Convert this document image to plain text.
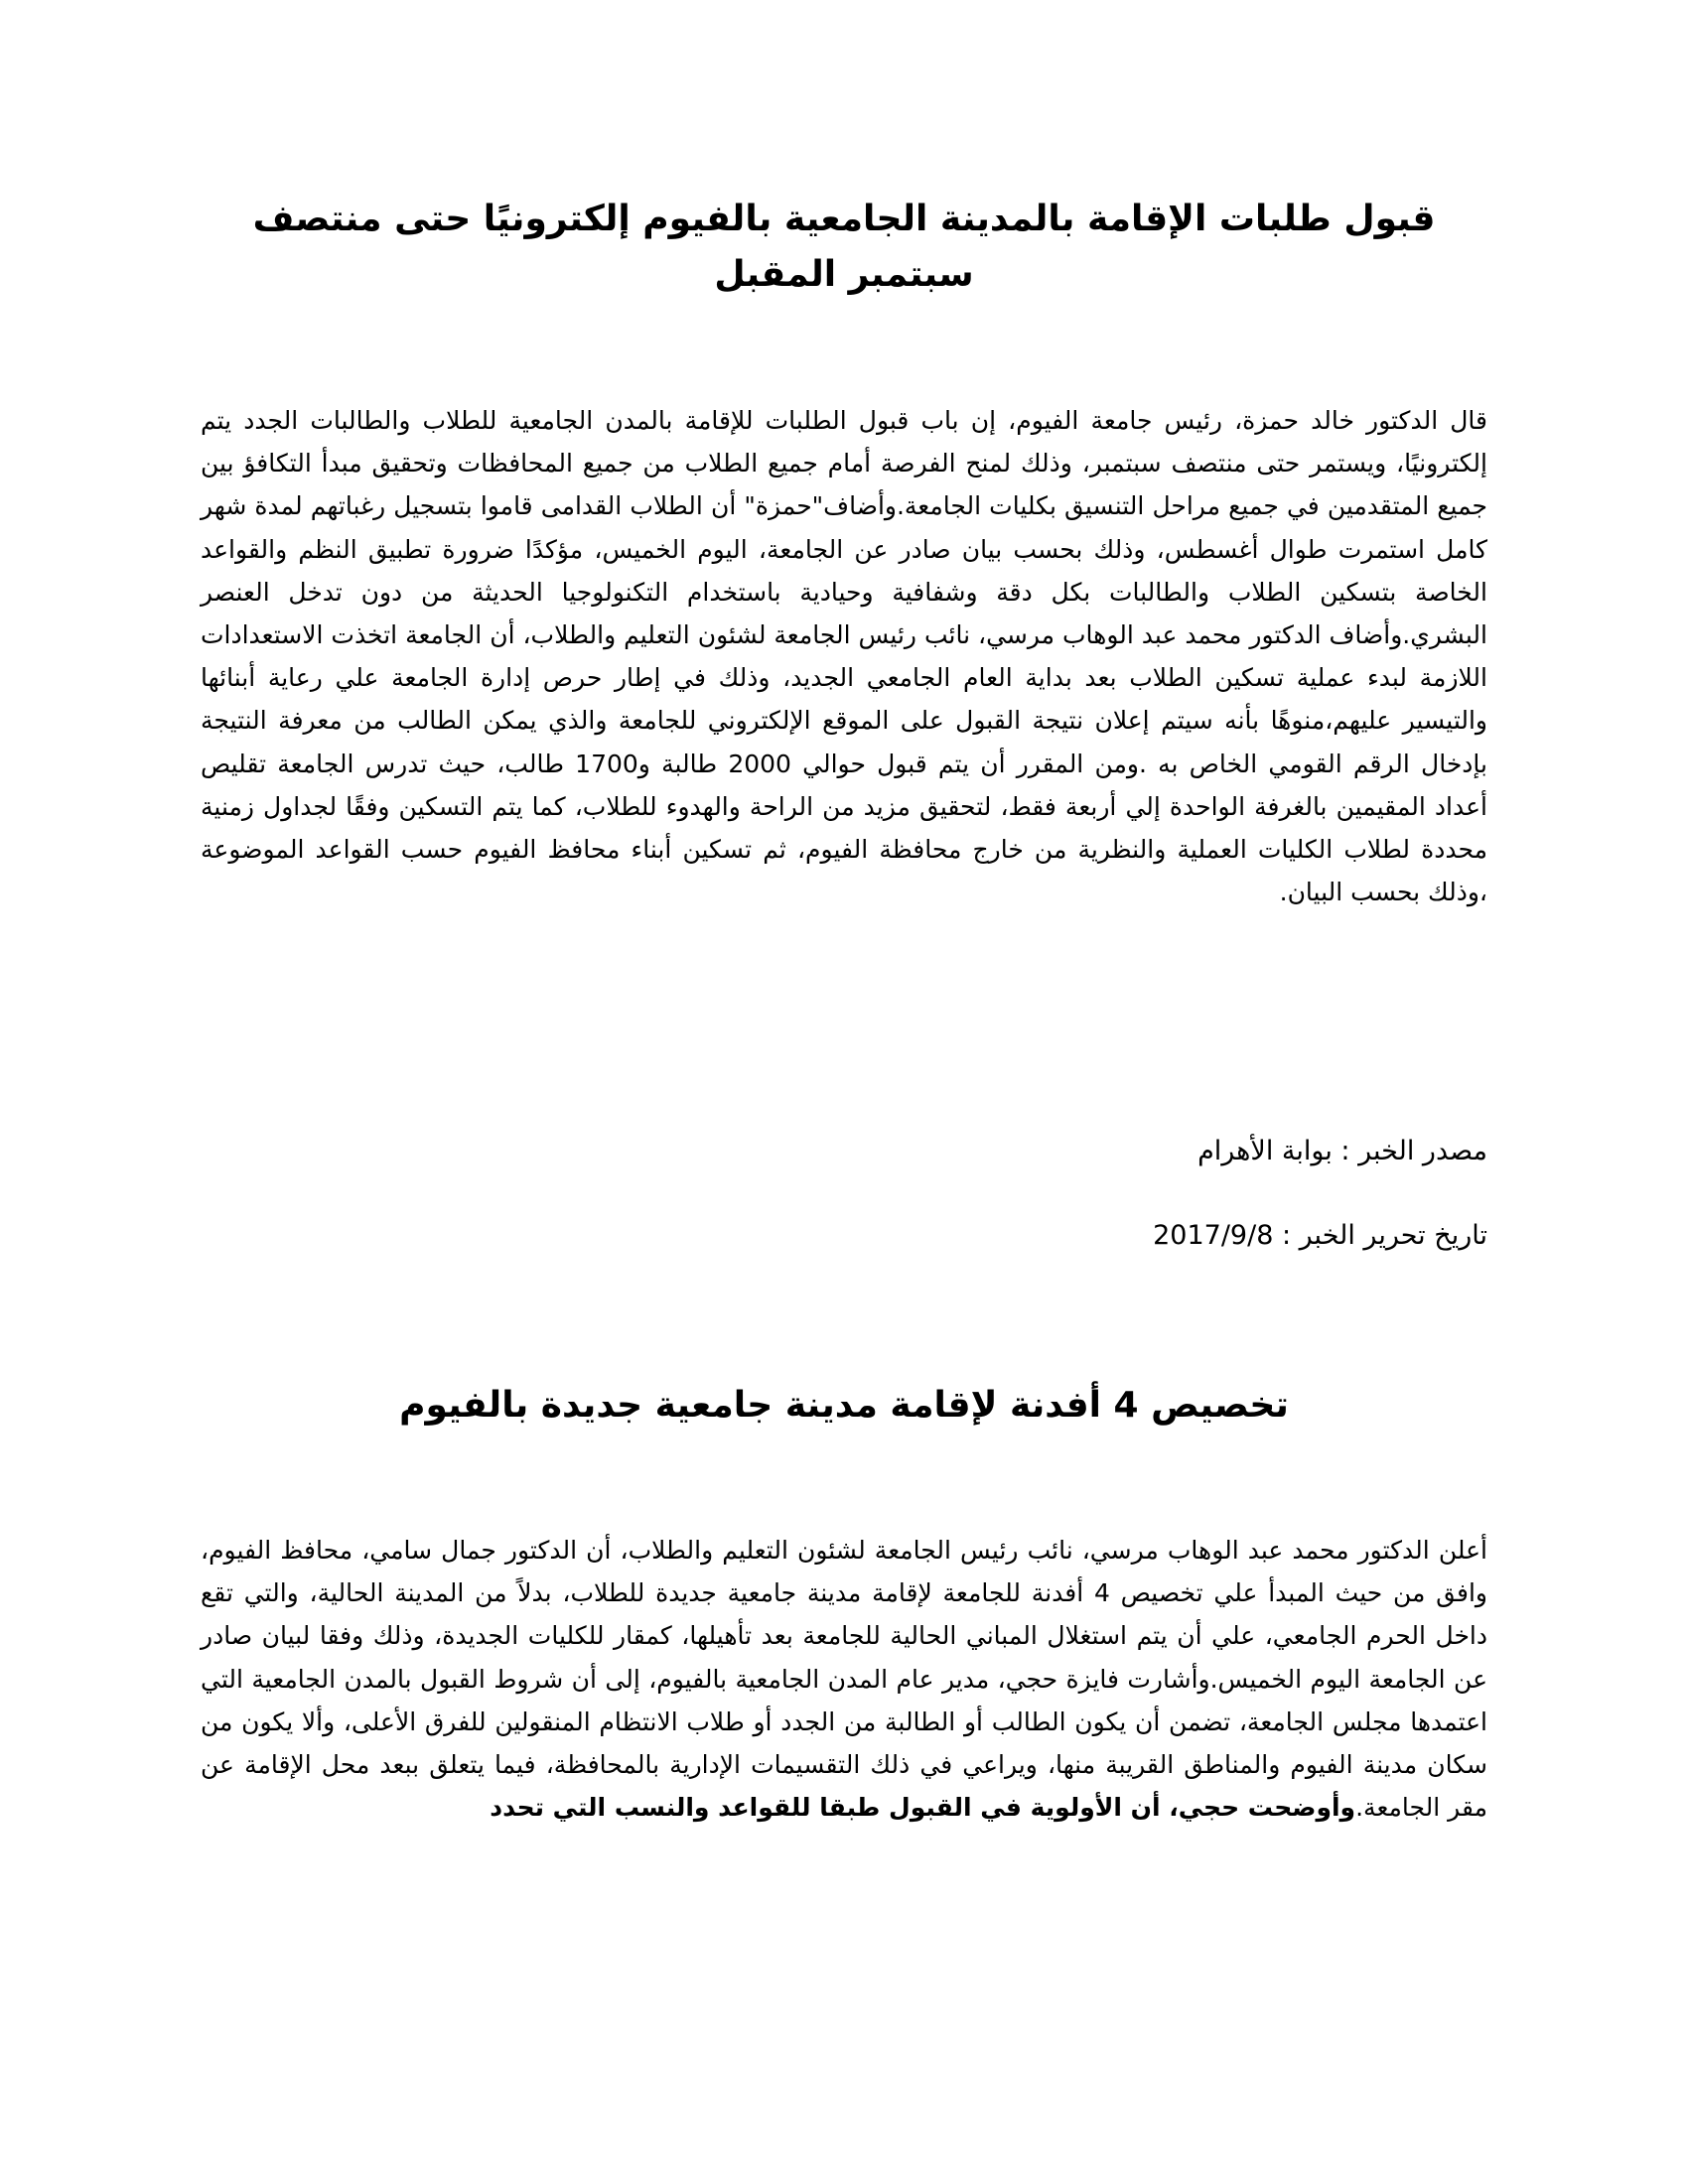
قبول طلبات الإقامة بالمدينة الجامعية بالفيوم إلكترونيًا حتى منتصف سبتمبر المقبل

قال الدكتور خالد حمزة، رئيس جامعة الفيوم، إن باب قبول الطلبات للإقامة بالمدن الجامعية للطلاب والطالبات الجدد يتم إلكترونيًا، ويستمر حتى منتصف سبتمبر، وذلك لمنح الفرصة أمام جميع الطلاب من جميع المحافظات وتحقيق مبدأ التكافؤ بين جميع المتقدمين في جميع مراحل التنسيق بكليات الجامعة.وأضاف"حمزة" أن الطلاب القدامى قاموا بتسجيل رغباتهم لمدة شهر كامل استمرت طوال أغسطس، وذلك بحسب بيان صادر عن الجامعة، اليوم الخميس، مؤكدًا ضرورة تطبيق النظم والقواعد الخاصة بتسكين الطلاب والطالبات بكل دقة وشفافية وحيادية باستخدام التكنولوجيا الحديثة من دون تدخل العنصر البشري.وأضاف الدكتور محمد عبد الوهاب مرسي، نائب رئيس الجامعة لشئون التعليم والطلاب، أن الجامعة اتخذت الاستعدادات اللازمة لبدء عملية تسكين الطلاب بعد بداية العام الجامعي الجديد، وذلك في إطار حرص إدارة الجامعة علي رعاية أبنائها والتيسير عليهم،منوهًا بأنه سيتم إعلان نتيجة القبول على الموقع الإلكتروني للجامعة والذي يمكن الطالب من معرفة النتيجة بإدخال الرقم القومي الخاص به .ومن المقرر أن يتم قبول حوالي 2000 طالبة و1700 طالب، حيث تدرس الجامعة تقليص أعداد المقيمين بالغرفة الواحدة إلي أربعة فقط، لتحقيق مزيد من الراحة والهدوء للطلاب، كما يتم التسكين وفقًا لجداول زمنية محددة لطلاب الكليات العملية والنظرية من خارج محافظة الفيوم، ثم تسكين أبناء محافظ الفيوم حسب القواعد الموضوعة ،وذلك بحسب البيان.

مصدر الخبر : بوابة الأهرام

تاريخ تحرير الخبر : 2017/9/8

تخصيص 4 أفدنة لإقامة مدينة جامعية جديدة بالفيوم

أعلن الدكتور محمد عبد الوهاب مرسي، نائب رئيس الجامعة لشئون التعليم والطلاب، أن الدكتور جمال سامي، محافظ الفيوم، وافق من حيث المبدأ علي تخصيص 4 أفدنة للجامعة لإقامة مدينة جامعية جديدة للطلاب، بدلاً من المدينة الحالية، والتي تقع داخل الحرم الجامعي، علي أن يتم استغلال المباني الحالية للجامعة بعد تأهيلها، كمقار للكليات الجديدة، وذلك وفقا لبيان صادر عن الجامعة اليوم الخميس.وأشارت فايزة حجي، مدير عام المدن الجامعية بالفيوم، إلى أن شروط القبول بالمدن الجامعية التي اعتمدها مجلس الجامعة، تضمن أن يكون الطالب أو الطالبة من الجدد أو طلاب الانتظام المنقولين للفرق الأعلى، وألا يكون من سكان مدينة الفيوم والمناطق القريبة منها، ويراعي في ذلك التقسيمات الإدارية بالمحافظة، فيما يتعلق ببعد محل الإقامة عن مقر الجامعة.وأوضحت حجي، أن الأولوية في القبول طبقا للقواعد والنسب التي تحدد
